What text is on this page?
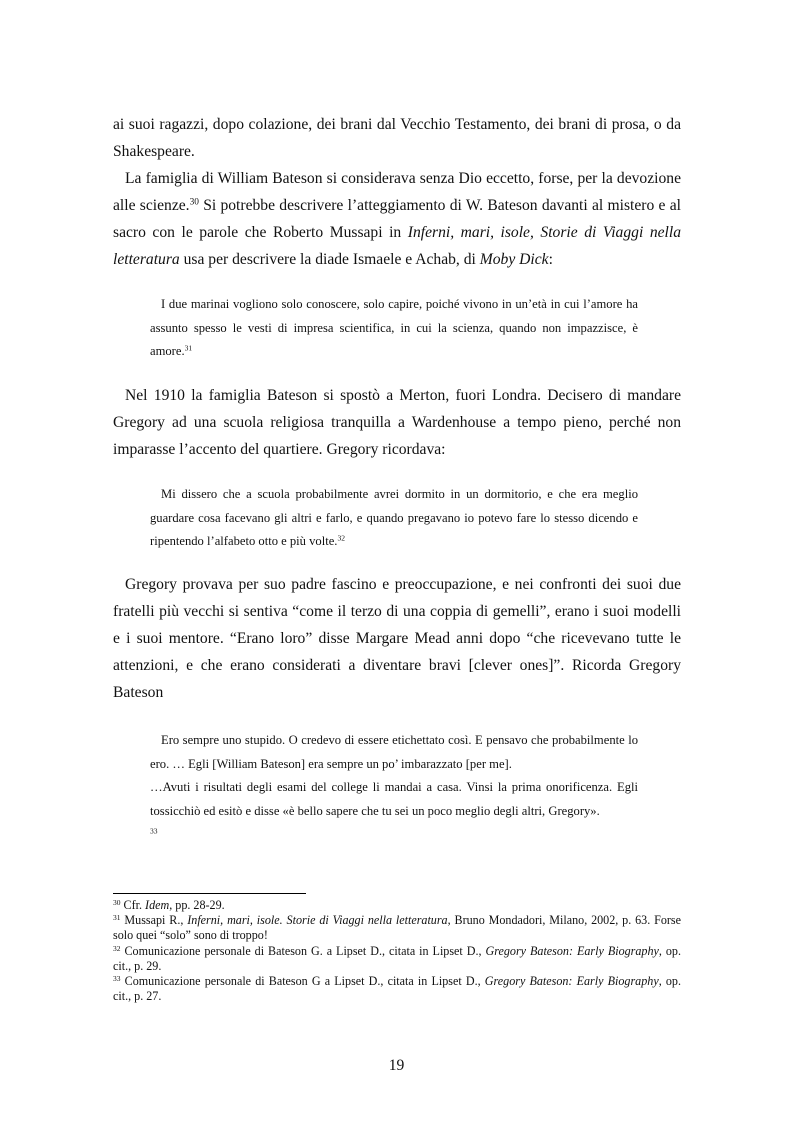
ai suoi ragazzi, dopo colazione, dei brani dal Vecchio Testamento, dei brani di prosa, o da Shakespeare.

La famiglia di William Bateson si considerava senza Dio eccetto, forse, per la devozione alle scienze.$^{30}$ Si potrebbe descrivere l’atteggiamento di W. Bateson davanti al mistero e al sacro con le parole che Roberto Mussapi in Inferni, mari, isole, Storie di Viaggi nella letteratura usa per descrivere la diade Ismaele e Achab, di Moby Dick:

I due marinai vogliono solo conoscere, solo capire, poiché vivono in un’età in cui l’amore ha assunto spesso le vesti di impresa scientifica, in cui la scienza, quando non impazzisce, è amore.$^{31}$

Nel 1910 la famiglia Bateson si spostò a Merton, fuori Londra. Decisero di mandare Gregory ad una scuola religiosa tranquilla a Wardenhouse a tempo pieno, perché non imparasse l’accento del quartiere. Gregory ricordava:

Mi dissero che a scuola probabilmente avrei dormito in un dormitorio, e che era meglio guardare cosa facevano gli altri e farlo, e quando pregavano io potevo fare lo stesso dicendo e ripentendo l’alfabeto otto e più volte.$^{32}$

Gregory provava per suo padre fascino e preoccupazione, e nei confronti dei suoi due fratelli più vecchi si sentiva “come il terzo di una coppia di gemelli”, erano i suoi modelli e i suoi mentore. “Erano loro” disse Margare Mead anni dopo “che ricevevano tutte le attenzioni, e che erano considerati a diventare bravi [clever ones]”. Ricorda Gregory Bateson

Ero sempre uno stupido. O credevo di essere etichettato così. E pensavo che probabilmente lo ero. … Egli [William Bateson] era sempre un po’ imbarazzato [per me].
…Avuti i risultati degli esami del college li mandai a casa. Vinsi la prima onorificenza. Egli tossicchiò ed esitò e disse «è bello sapere che tu sei un poco meglio degli altri, Gregory».$^{33}$

$^{30}$ Cfr. Idem, pp. 28-29.

$^{31}$ Mussapi R., Inferni, mari, isole. Storie di Viaggi nella letteratura, Bruno Mondadori, Milano, 2002, p. 63. Forse solo quei “solo” sono di troppo!

$^{32}$ Comunicazione personale di Bateson G. a Lipset D., citata in Lipset D., Gregory Bateson: Early Biography, op. cit., p. 29.

$^{33}$ Comunicazione personale di Bateson G a Lipset D., citata in Lipset D., Gregory Bateson: Early Biography, op. cit., p. 27.

19
